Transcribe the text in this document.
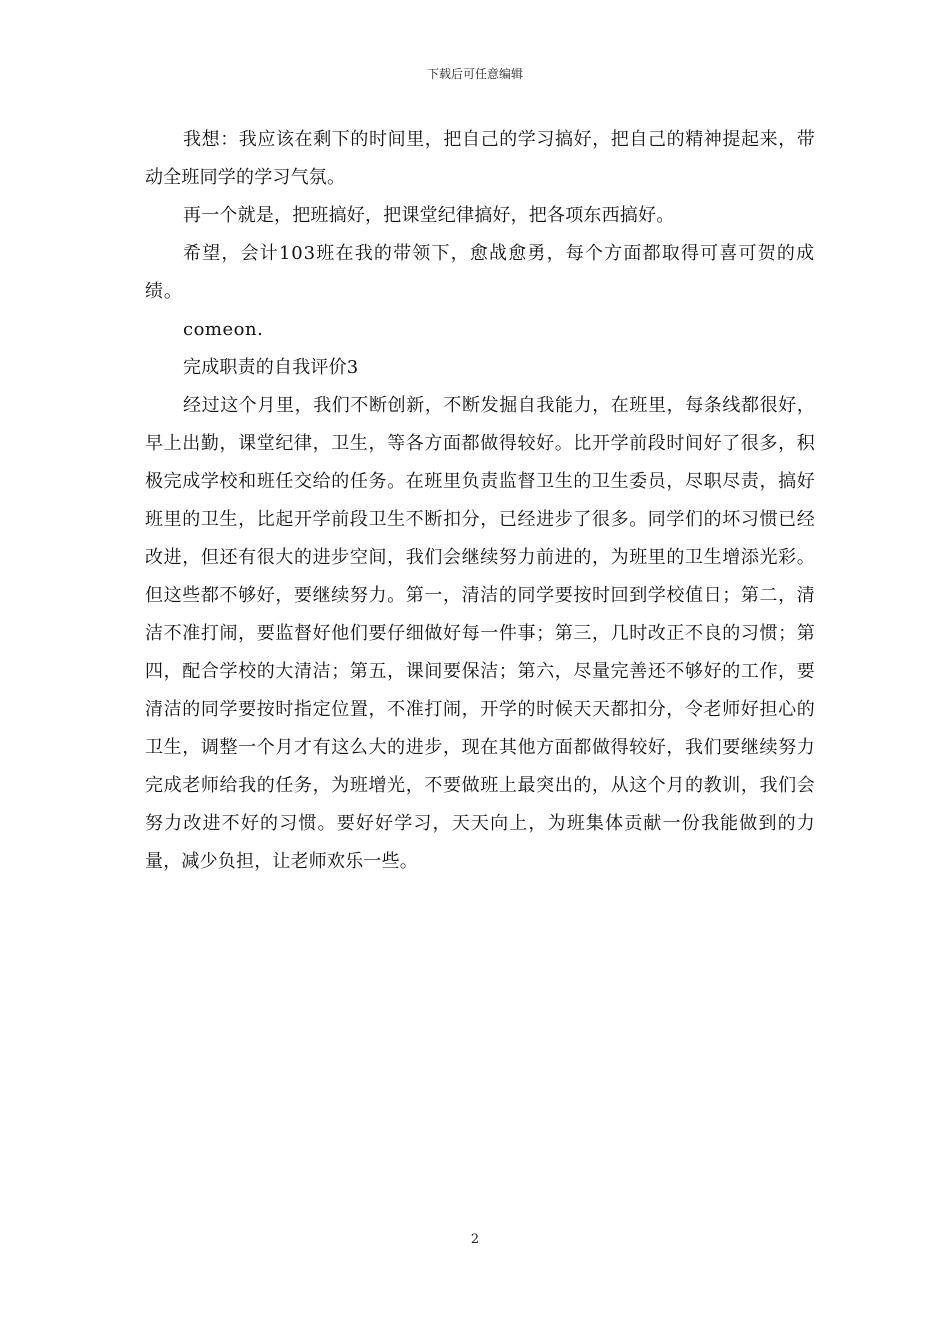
下载后可任意编辑

我想：我应该在剩下的时间里，把自己的学习搞好，把自己的精神提起来，带动全班同学的学习气氛。

再一个就是，把班搞好，把课堂纪律搞好，把各项东西搞好。

希望，会计103班在我的带领下，愈战愈勇，每个方面都取得可喜可贺的成绩。

comeon.

完成职责的自我评价3

经过这个月里，我们不断创新，不断发掘自我能力，在班里，每条线都很好，早上出勤，课堂纪律，卫生，等各方面都做得较好。比开学前段时间好了很多，积极完成学校和班任交给的任务。在班里负责监督卫生的卫生委员，尽职尽责，搞好班里的卫生，比起开学前段卫生不断扣分，已经进步了很多。同学们的坏习惯已经改进，但还有很大的进步空间，我们会继续努力前进的，为班里的卫生增添光彩。但这些都不够好，要继续努力。第一，清洁的同学要按时回到学校值日；第二，清洁不准打闹，要监督好他们要仔细做好每一件事；第三，几时改正不良的习惯；第四，配合学校的大清洁；第五，课间要保洁；第六，尽量完善还不够好的工作，要清洁的同学要按时指定位置，不准打闹，开学的时候天天都扣分，令老师好担心的卫生，调整一个月才有这么大的进步，现在其他方面都做得较好，我们要继续努力完成老师给我的任务，为班增光，不要做班上最突出的，从这个月的教训，我们会努力改进不好的习惯。要好好学习，天天向上，为班集体贡献一份我能做到的力量，减少负担，让老师欢乐一些。

2
